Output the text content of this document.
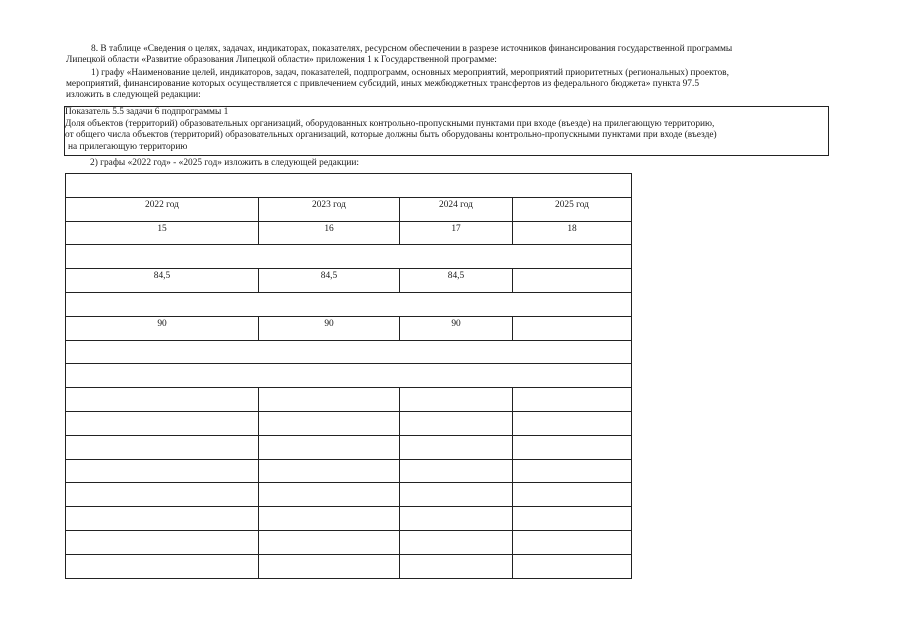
8. В таблице «Сведения о целях, задачах, индикаторах, показателях, ресурсном обеспечении в разрезе источников финансирования государственной программы
Липецкой области «Развитие образования Липецкой области» приложения 1 к Государственной программе:
1) графу «Наименование целей, индикаторов, задач, показателей, подпрограмм, основных мероприятий, мероприятий приоритетных (региональных) проектов,
мероприятий, финансирование которых осуществляется с привлечением субсидий, иных межбюджетных трансфертов из федерального бюджета» пункта 97.5
изложить в следующей редакции:
Показатель 5.5 задачи 6 подпрограммы 1
Доля объектов (территорий) образовательных организаций, оборудованных контрольно-пропускными пунктами при входе (въезде) на прилегающую территорию,
от общего числа объектов (территорий) образовательных организаций, которые должны быть оборудованы контрольно-пропускными пунктами при входе (въезде)
на прилегающую территорию
2) графы «2022 год» - «2025 год» изложить в следующей редакции:

2022 год	2023 год	2024 год	2025 год
15	16	17	18

84,5	84,5	84,5	

90	90	90	
